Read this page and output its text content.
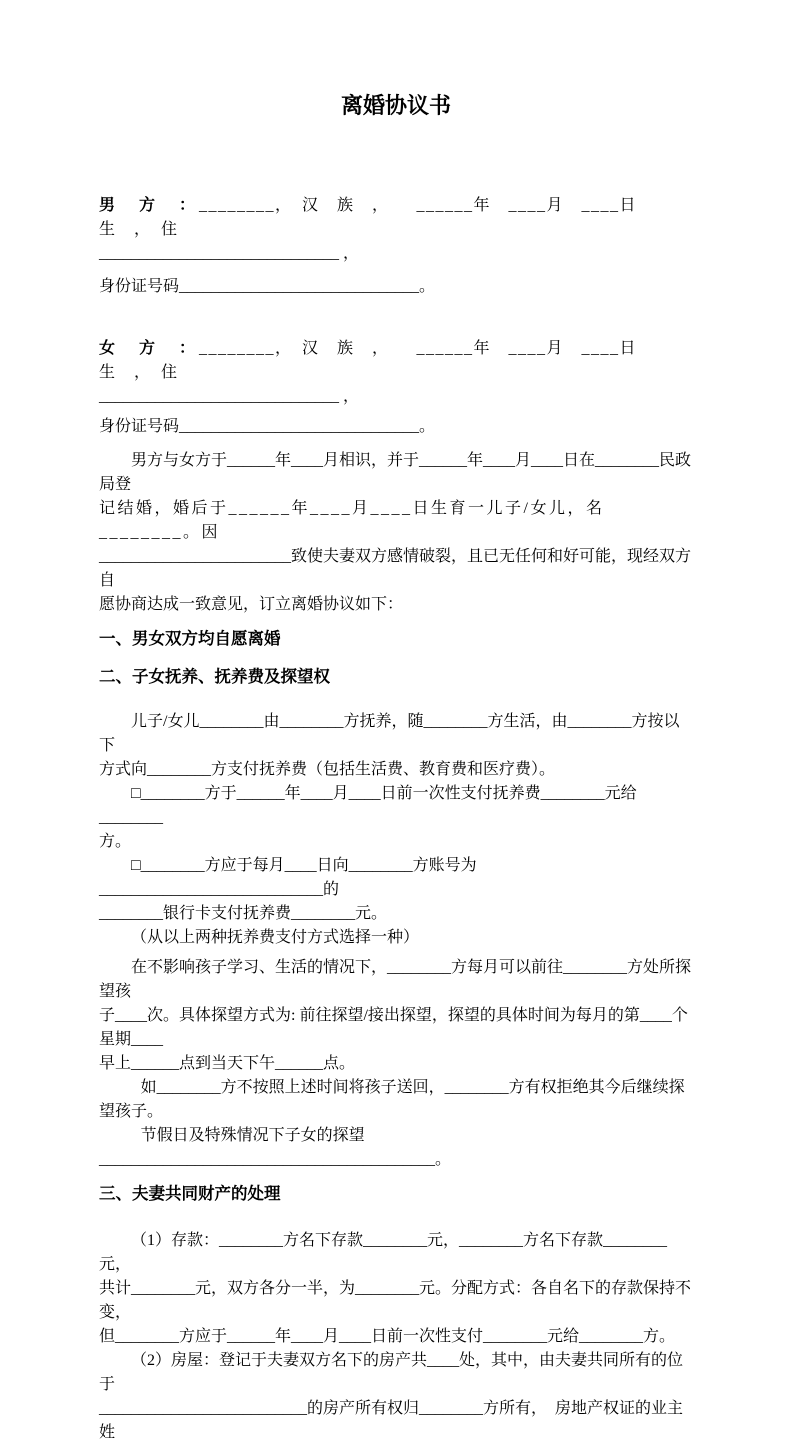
离婚协议书
男　方　：________，　汉　族　，　　______年　____月　____日　生　，　住
______________________________ ，
身份证号码______________________________。
女　方　：________，　汉　族　，　　______年　____月　____日　生　，　住
______________________________ ，
身份证号码______________________________。
男方与女方于______年____月相识，并于______年____月____日在________民政局登
记结婚，婚后于______年____月____日生育一儿子/女儿，名________。因
________________________致使夫妻双方感情破裂，且已无任何和好可能，现经双方自
愿协商达成一致意见，订立离婚协议如下：
一、男女双方均自愿离婚
二、子女抚养、抚养费及探望权
儿子/女儿________由________方抚养，随________方生活，由________方按以下
方式向________方支付抚养费（包括生活费、教育费和医疗费）。
□________方于______年____月____日前一次性支付抚养费________元给________
方。
□________方应于每月____日向________方账号为____________________________的
________银行卡支付抚养费________元。
（从以上两种抚养费支付方式选择一种）
在不影响孩子学习、生活的情况下，________方每月可以前往________方处所探望孩
子____次。具体探望方式为: 前往探望/接出探望，探望的具体时间为每月的第____个星期____
早上______点到当天下午______点。
如________方不按照上述时间将孩子送回，________方有权拒绝其今后继续探望孩子。
节假日及特殊情况下子女的探望__________________________________________。
三、夫妻共同财产的处理
（1）存款：________方名下存款________元，________方名下存款________元，
共计________元，双方各分一半，为________元。分配方式：各自名下的存款保持不变，
但________方应于______年____月____日前一次性支付________元给________方。
（2）房屋：登记于夫妻双方名下的房产共____处，其中，由夫妻共同所有的位于
__________________________的房产所有权归________方所有，　房地产权证的业主姓
